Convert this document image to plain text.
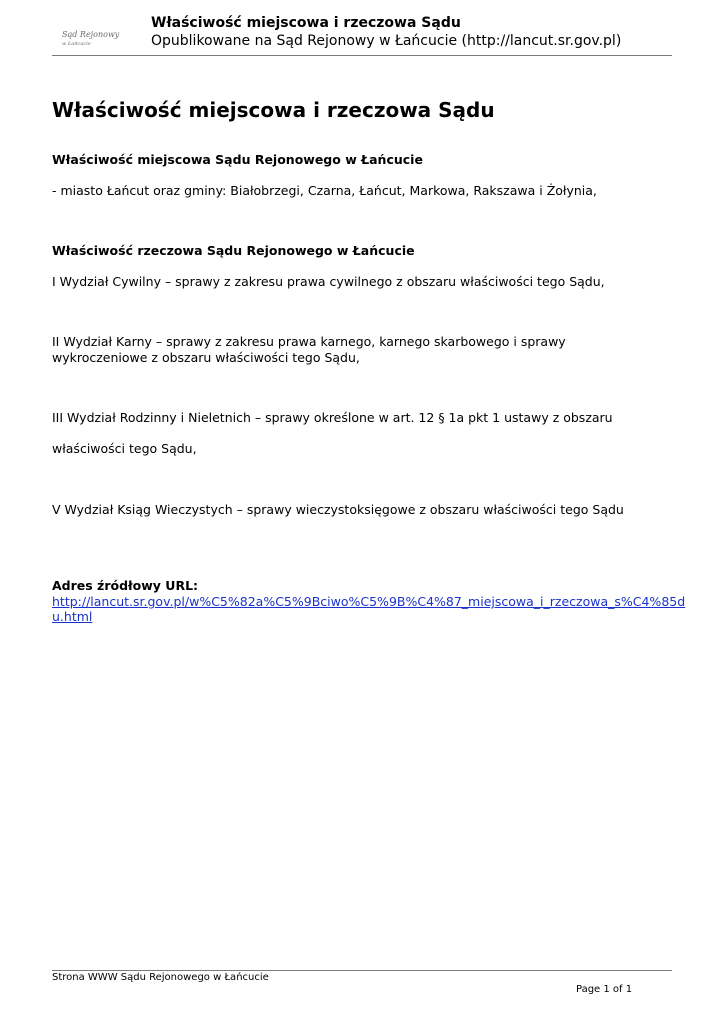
Sąd Rejonowy
w Łańcucie
Właściwość miejscowa i rzeczowa Sądu
Opublikowane na Sąd Rejonowy w Łańcucie (http://lancut.sr.gov.pl)
Właściwość miejscowa i rzeczowa Sądu
Właściwość miejscowa Sądu Rejonowego w Łańcucie
- miasto Łańcut oraz gminy: Białobrzegi, Czarna, Łańcut, Markowa, Rakszawa i Żołynia,
Właściwość rzeczowa Sądu Rejonowego w Łańcucie
I Wydział Cywilny – sprawy z zakresu prawa cywilnego z obszaru właściwości tego Sądu,
II Wydział Karny – sprawy z zakresu prawa karnego, karnego skarbowego i sprawy
wykroczeniowe z obszaru właściwości tego Sądu,
III Wydział Rodzinny i Nieletnich – sprawy określone w art. 12 § 1a pkt 1 ustawy z obszaru
właściwości tego Sądu,
V Wydział Ksiąg Wieczystych – sprawy wieczystoksięgowe z obszaru właściwości tego Sądu
Adres źródłowy URL:
http://lancut.sr.gov.pl/w%C5%82a%C5%9Bciwo%C5%9B%C4%87_miejscowa_i_rzeczowa_s%C4%85d
u.html
Strona WWW Sądu Rejonowego w Łańcucie
Page 1 of 1
